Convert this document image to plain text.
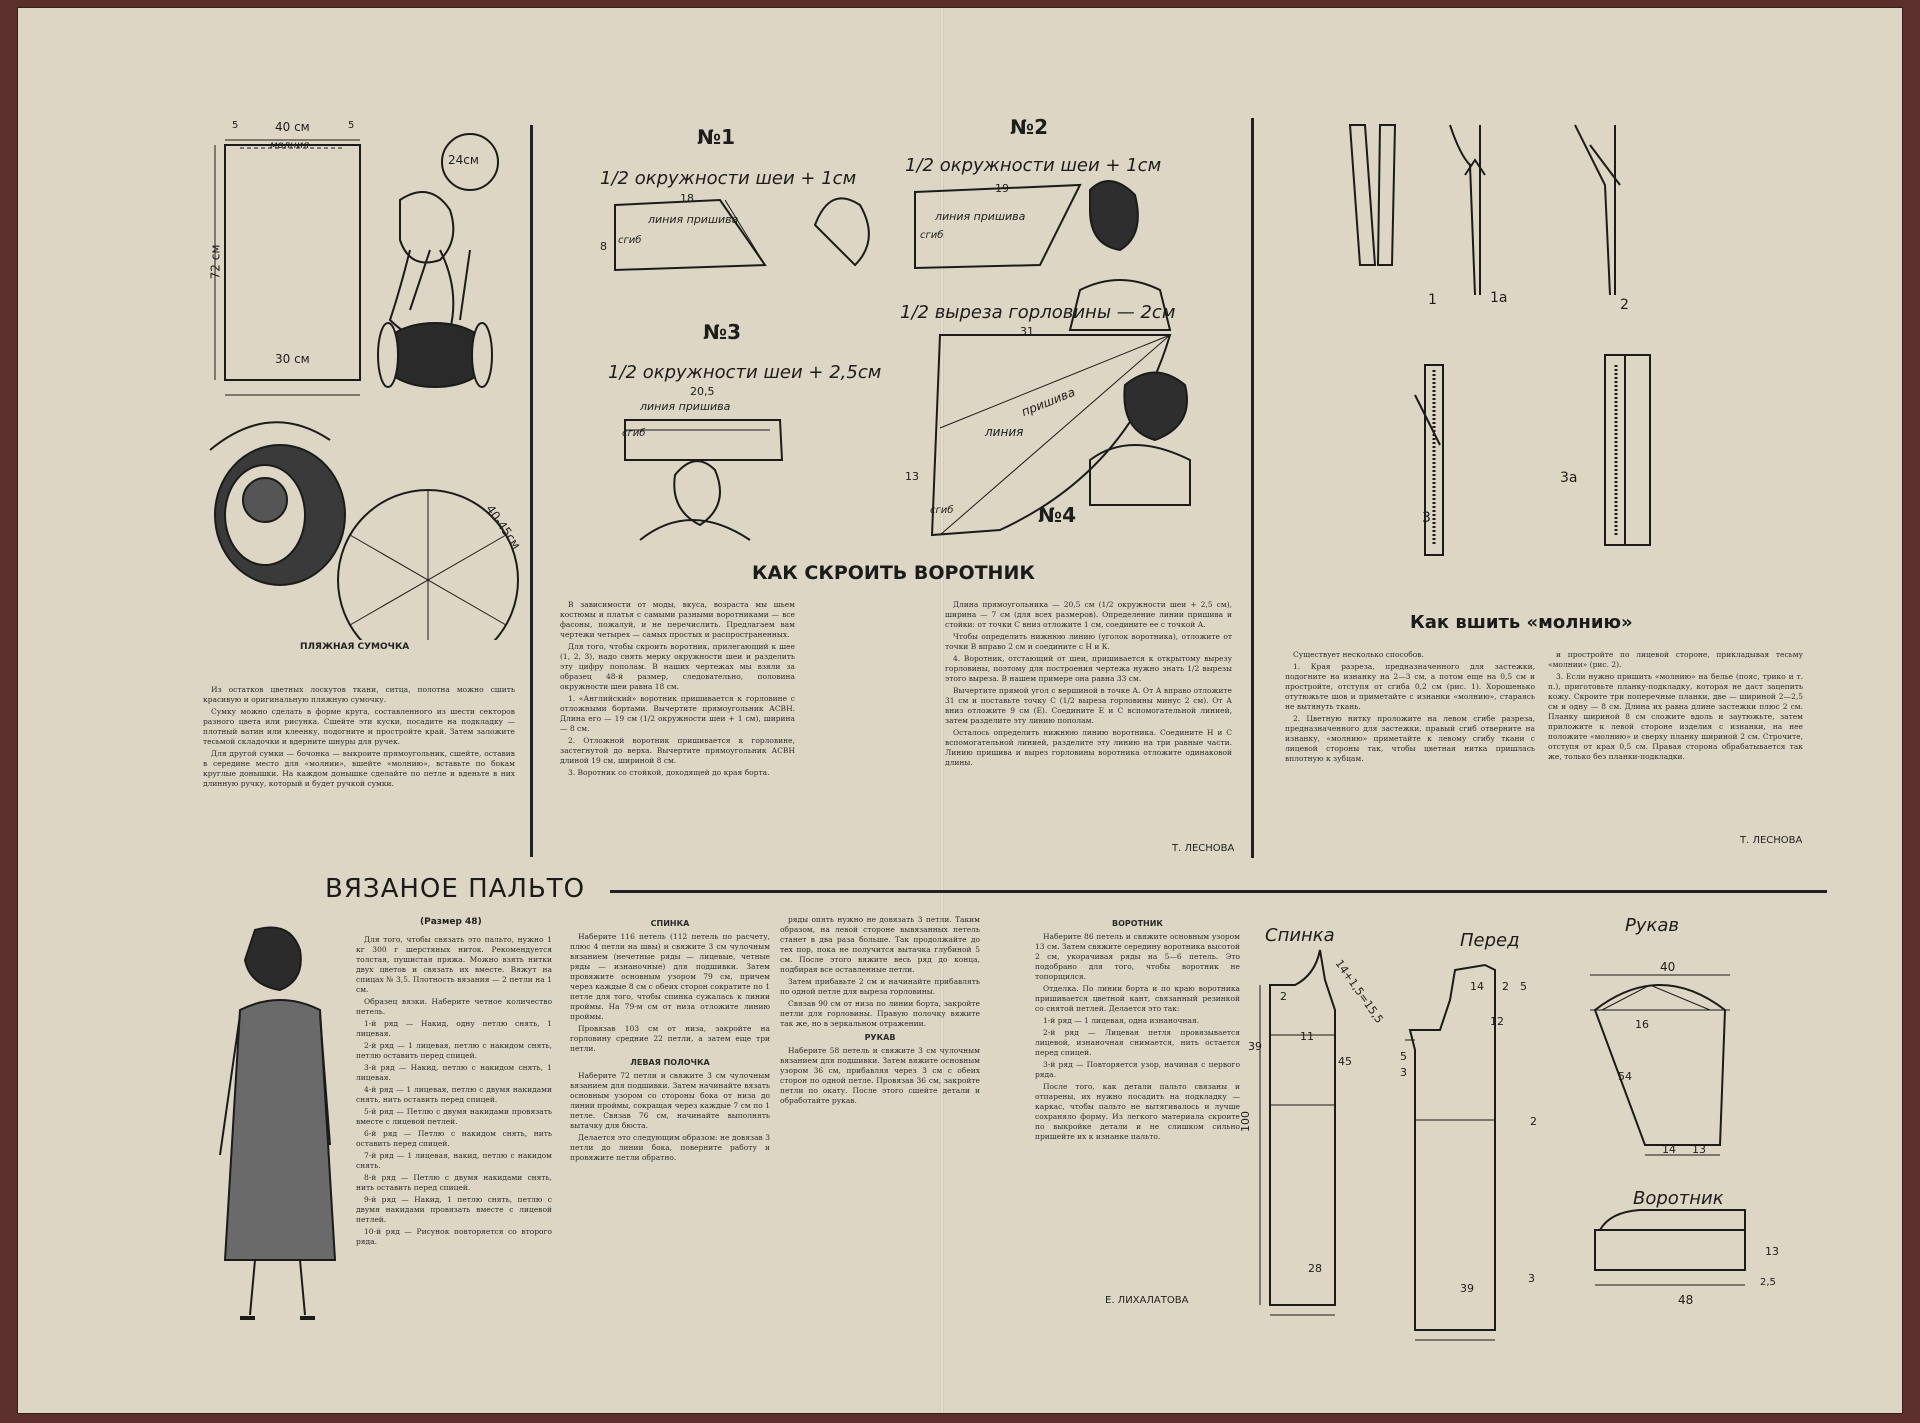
40 см
5	5
молния
72 см
30 см
24см
40-45см
ПЛЯЖНАЯ СУМОЧКА

Из остатков цветных лоскутов ткани, ситца, полотна можно сшить красивую и оригинальную пляжную сумочку.

Сумку можно сделать в форме круга, составленного из шести секторов разного цвета или рисунка. Сшейте эти куски, посадите на подкладку — плотный ватин или клеенку, подогните и простройте край. Затем заложите тесьмой складочки и вдерните шнуры для ручек.

Для другой сумки — бочонка — выкроите прямоугольник, сшейте, оставив в середине место для «молнии», вшейте «молнию», вставьте по бокам круглые донышки. На каждом донышке сделайте по петле и вденьте в них длинную ручку, который и будет ручкой сумки.

№1	№2
№3
№4
1/2 окружности шеи + 1см
1/2 окружности шеи + 1см
1/2 окружности шеи + 2,5см
1/2 выреза горловины — 2см
линия пришива	линия пришива
линия пришива
линия
пришива
сгиб	сгиб
сгиб
сгиб
18
19
20,5
31
8
13
КАК СКРОИТЬ ВОРОТНИК

В зависимости от моды, вкуса, возраста мы шьем костюмы и платья с самыми разными воротниками — все фасоны, пожалуй, и не перечислить. Предлагаем вам чертежи четырех — самых простых и распространенных.

Для того, чтобы скроить воротник, прилегающий к шее (1, 2, 3), надо снять мерку окружности шеи и разделить эту цифру пополам. В наших чертежах мы взяли за образец 48-й размер, следовательно, половина окружности шеи равна 18 см.

1. «Английский» воротник пришивается к горловине с отложными бортами. Вычертите прямоугольник АСВН. Длина его — 19 см (1/2 окружности шеи + 1 см), ширина — 8 см.

2. Отложной воротник пришивается к горловине, застегнутой до верха. Вычертите прямоугольник АСВН длиной 19 см, шириной 8 см.

3. Воротник со стойкой, доходящей до края борта.

Длина прямоугольника — 20,5 см (1/2 окружности шеи + 2,5 см), ширина — 7 см (для всех размеров). Определение линии пришива и стойки: от точки С вниз отложите 1 см, соедините ее с точкой А.

Чтобы определить нижнюю линию (уголок воротника), отложите от точки В вправо 2 см и соедините с Н и К.

4. Воротник, отстающий от шеи, пришивается к открытому вырезу горловины, поэтому для построения чертежа нужно знать 1/2 вырезы этого выреза. В нашем примере она равна 33 см.

Вычертите прямой угол с вершиной в точке А. От А вправо отложите 31 см и поставьте точку С (1/2 выреза горловины минус 2 см). От А вниз отложите 9 см (Е). Соедините Е и С вспомогательной линией, затем разделите эту линию пополам.

Осталось определить нижнюю линию воротника. Соедините Н и С вспомогательной линией, разделите эту линию на три равные части. Линию пришива и вырез горловины воротника отложите одинаковой длины.

Т. ЛЕСНОВА
1	1а	2
3
3а
Как вшить «молнию»

Существует несколько способов.

1. Края разреза, предназначенного для застежки, подогните на изнанку на 2—3 см, а потом еще на 0,5 см и простройте, отступя от сгиба 0,2 см (рис. 1). Хорошенько отутюжьте шов и приметайте с изнанки «молнию», стараясь не вытянуть ткань.

2. Цветную нитку проложите на левом сгибе разреза, предназначенного для застежки, правый сгиб отверните на изнанку, «молнию» приметайте к левому сгибу ткани с лицевой стороны так, чтобы цветная нитка пришлась вплотную к зубцам.

и простройте по лицевой стороне, прикладывая тесьму «молнии» (рис. 2).

3. Если нужно пришить «молнию» на белье (пояс, трико и т. п.), приготовьте планку-подкладку, которая не даст зацепить кожу. Скроите три поперечные планки, две — шириной 2—2,5 см и одну — 8 см. Длина их равна длине застежки плюс 2 см. Планку шириной 8 см сложите вдоль и заутюжьте, затем приложите к левой стороне изделия с изнанки, на нее положите «молнию» и сверху планку шириной 2 см. Строчите, отступя от края 0,5 см. Правая сторона обрабатывается так же, только без планки-подкладки.

Т. ЛЕСНОВА
ВЯЗАНОЕ ПАЛЬТО
(Размер 48)

Для того, чтобы связать это пальто, нужно 1 кг 300 г шерстяных ниток. Рекомендуется толстая, пушистая пряжа. Можно взять нитки двух цветов и связать их вместе. Вяжут на спицах № 3,5. Плотность вязания — 2 петли на 1 см.

Образец вязки. Наберите четное количество петель.

1-й ряд — Накид, одну петлю снять, 1 лицевая.

2-й ряд — 1 лицевая, петлю с накидом снять, петлю оставить перед спицей.

3-й ряд — Накид, петлю с накидом снять, 1 лицевая.

4-й ряд — 1 лицевая, петлю с двумя накидами снять, нить оставить перед спицей.

5-й ряд — Петлю с двумя накидами провязать вместе с лицевой петлей.

6-й ряд — Петлю с накидом снять, нить оставить перед спицей.

7-й ряд — 1 лицевая, накид, петлю с накидом снять.

8-й ряд — Петлю с двумя накидами снять, нить оставить перед спицей.

9-й ряд — Накид, 1 петлю снять, петлю с двумя накидами провязать вместе с лицевой петлей.

10-й ряд — Рисунок повторяется со второго ряда.

СПИНКА

Наберите 116 петель (112 петель по расчету, плюс 4 петли на швы) и свяжите 3 см чулочным вязанием (нечетные ряды — лицевые, четные ряды — изнаночные) для подшивки. Затем провяжите основным узором 79 см, причем через каждые 8 см с обеих сторон сократите по 1 петле для того, чтобы спинка сужалась к линии проймы. На 79-м см от низа отложите линию проймы.

Провязав 103 см от низа, закройте на горловину средние 22 петли, а затем еще три петли.

ЛЕВАЯ ПОЛОЧКА

Наберите 72 петли и свяжите 3 см чулочным вязанием для подшивки. Затем начинайте вязать основным узором со стороны бока от низа до линии проймы, сокращая через каждые 7 см по 1 петле. Связав 76 см, начинайте выполнять вытачку для бюста.

Делается это следующим образом: не довязав 3 петли до линии бока, поверните работу и провяжите петли обратно.

ряды опять нужно не довязать 3 петли. Таким образом, на левой стороне вывязанных петель станет в два раза больше. Так продолжайте до тех пор, пока не получится вытачка глубиной 5 см. После этого вяжите весь ряд до конца, подбирая все оставленные петли.

Затем прибавьте 2 см и начинайте прибавлять по одной петле для выреза горловины.

Связав 90 см от низа по линии борта, закройте петли для горловины. Правую полочку вяжите так же, но в зеркальном отражении.

РУКАВ

Наберите 58 петель и свяжите 3 см чулочным вязанием для подшивки. Затем вяжите основным узором 36 см, прибавляя через 3 см с обеих сторон по одной петле. Провязав 36 см, закройте петли по окату. После этого сшейте детали и обработайте рукав.

ВОРОТНИК

Наберите 86 петель и свяжите основным узором 13 см. Затем свяжите середину воротника высотой 2 см, укорачивая ряды на 5—6 петель. Это подобрано для того, чтобы воротник не топорщился.

Отделка. По линии борта и по краю воротника пришивается цветной кант, связанный резинкой со снятой петлей. Делается это так:

1-й ряд — 1 лицевая, одна изнаночная.

2-й ряд — Лицевая петля провязывается лицевой, изнаночная снимается, нить остается перед спицей.

3-й ряд — Повторяется узор, начиная с первого ряда.

После того, как детали пальто связаны и отпарены, их нужно посадить на подкладку — каркас, чтобы пальто не вытягивалось и лучше сохраняло форму. Из легкого материала скроите по выкройке детали и не слишком сильно пришейте их к изнанке пальто.

Е. ЛИХАЛАТОВА
Спинка	Перед
Рукав
Воротник
14+1,5=15,5
2
39
11
45
100
28
14 2 5
5
3
12
2
39
3
40
16
54
14 13
48
13
2,5
